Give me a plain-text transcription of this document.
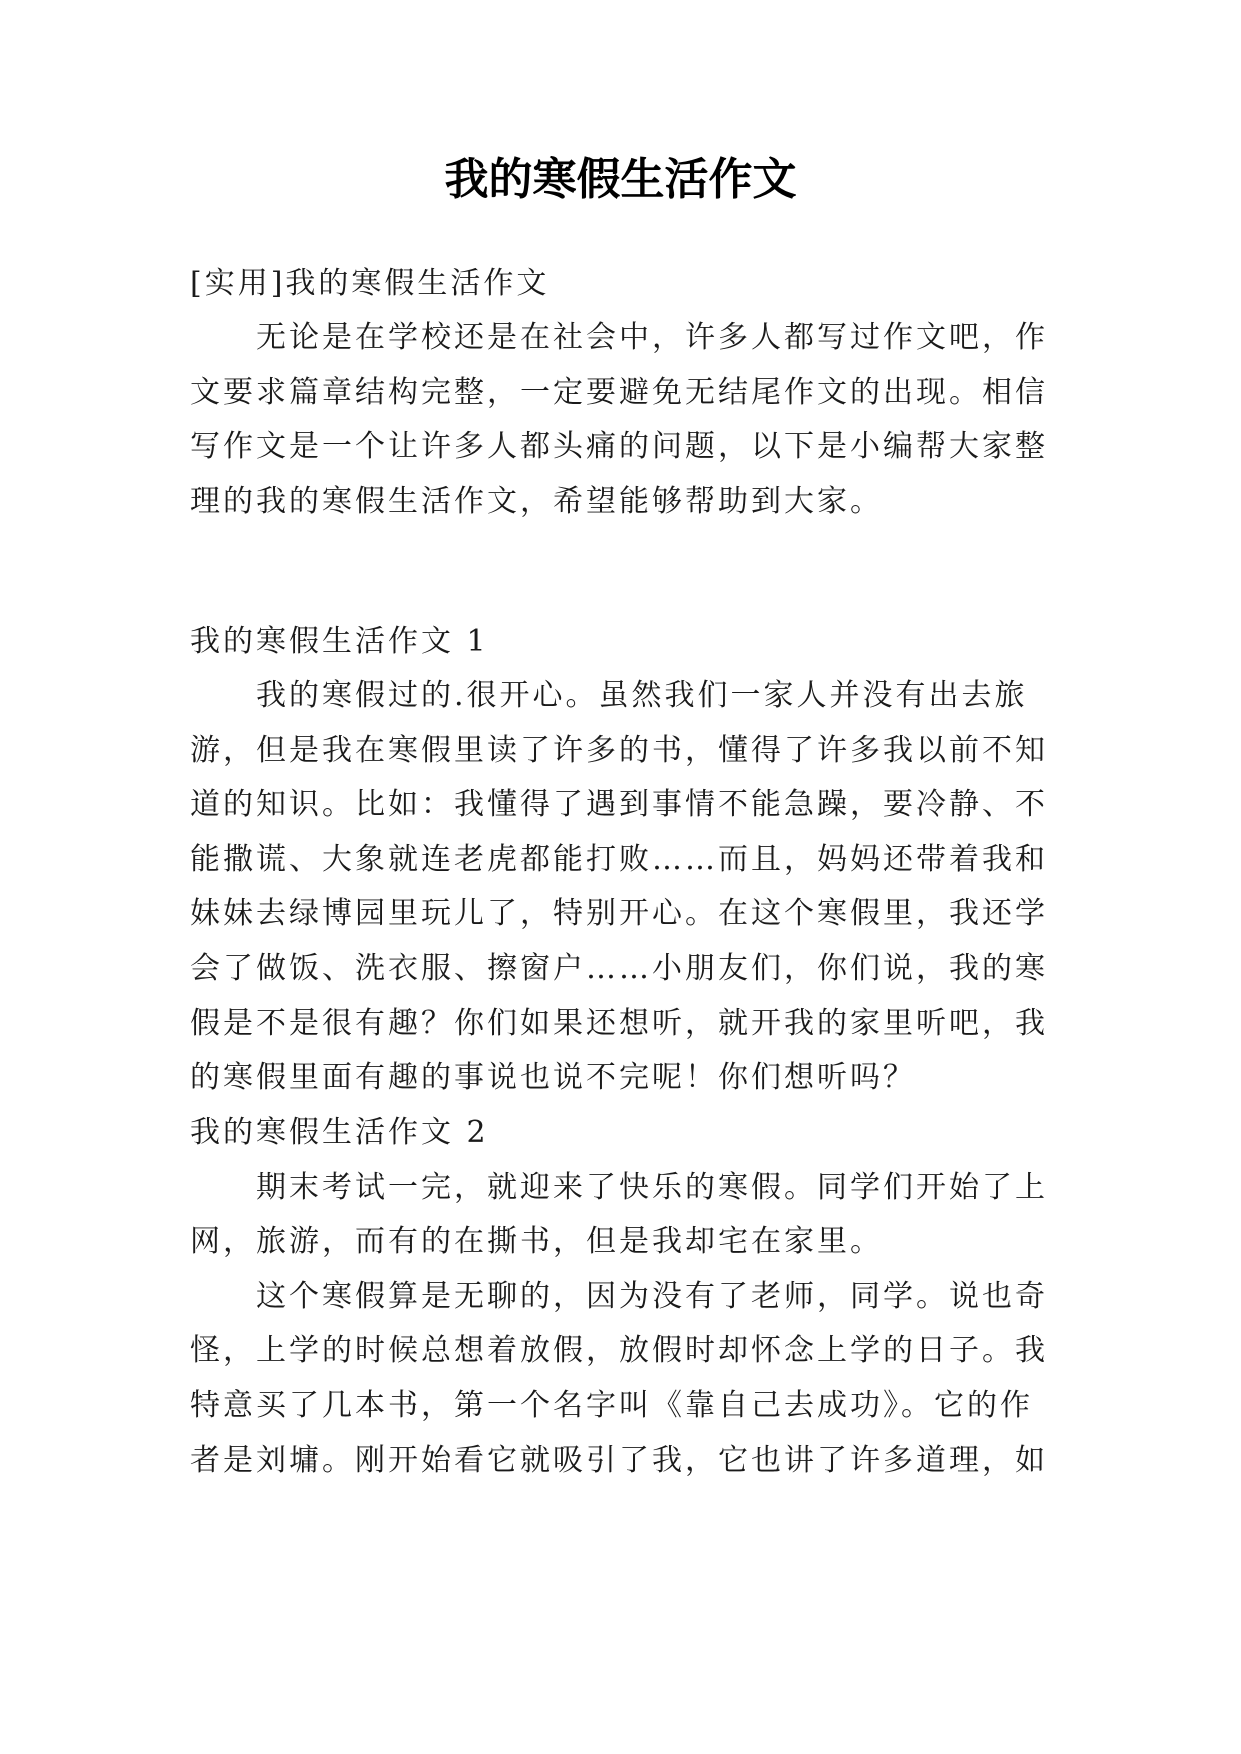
我的寒假生活作文
[实用]我的寒假生活作文
无论是在学校还是在社会中，许多人都写过作文吧，作
文要求篇章结构完整，一定要避免无结尾作文的出现。相信
写作文是一个让许多人都头痛的问题，以下是小编帮大家整
理的我的寒假生活作文，希望能够帮助到大家。
我的寒假生活作文 1
我的寒假过的.很开心。虽然我们一家人并没有出去旅
游，但是我在寒假里读了许多的书，懂得了许多我以前不知
道的知识。比如：我懂得了遇到事情不能急躁，要冷静、不
能撒谎、大象就连老虎都能打败……而且，妈妈还带着我和
妹妹去绿博园里玩儿了，特别开心。在这个寒假里，我还学
会了做饭、洗衣服、擦窗户……小朋友们，你们说，我的寒
假是不是很有趣？你们如果还想听，就开我的家里听吧，我
的寒假里面有趣的事说也说不完呢！你们想听吗？
我的寒假生活作文 2
期末考试一完，就迎来了快乐的寒假。同学们开始了上
网，旅游，而有的在撕书，但是我却宅在家里。
这个寒假算是无聊的，因为没有了老师，同学。说也奇
怪，上学的时候总想着放假，放假时却怀念上学的日子。我
特意买了几本书，第一个名字叫《靠自己去成功》。它的作
者是刘墉。刚开始看它就吸引了我，它也讲了许多道理，如
